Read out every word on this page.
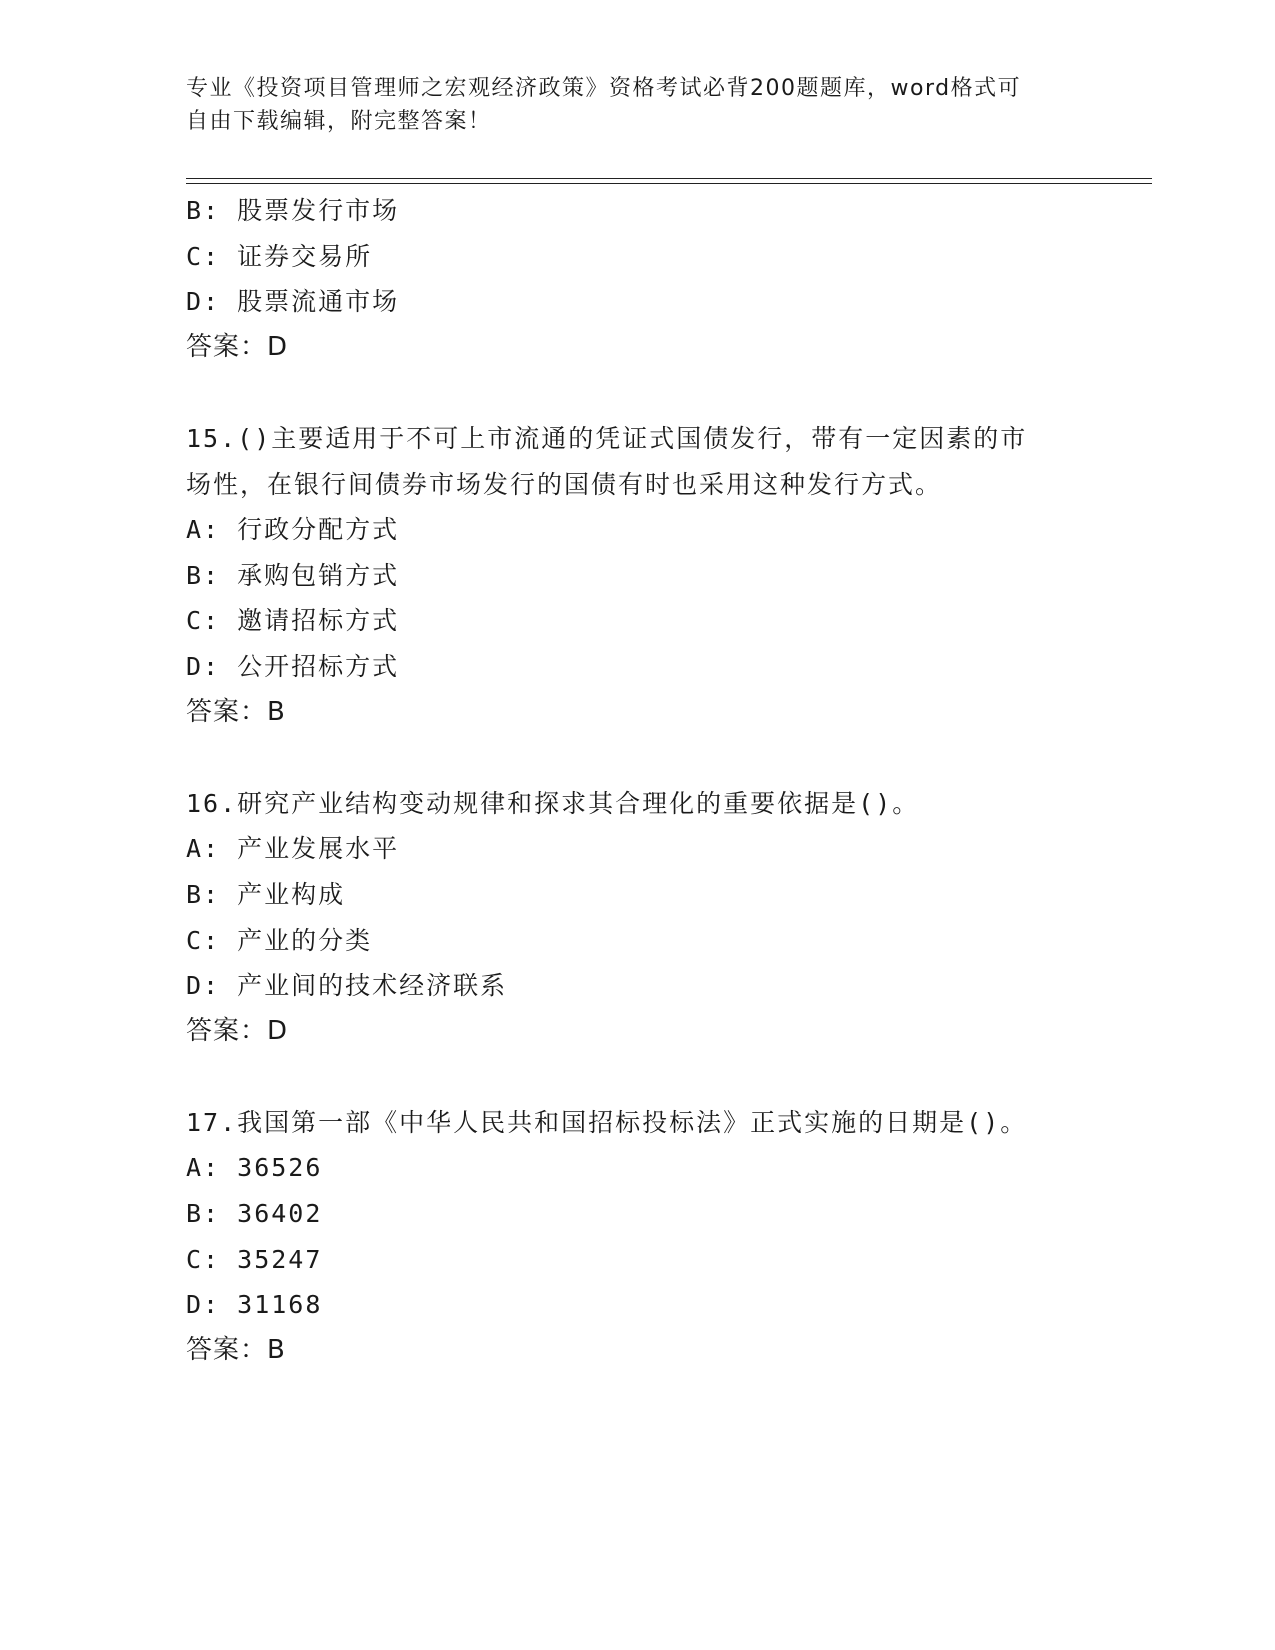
专业《投资项目管理师之宏观经济政策》资格考试必背200题题库，word格式可
自由下载编辑，附完整答案！
B: 股票发行市场
C: 证券交易所
D: 股票流通市场
答案：D
15.()主要适用于不可上市流通的凭证式国债发行，带有一定因素的市
场性，在银行间债券市场发行的国债有时也采用这种发行方式。
A: 行政分配方式
B: 承购包销方式
C: 邀请招标方式
D: 公开招标方式
答案：B
16.研究产业结构变动规律和探求其合理化的重要依据是()。
A: 产业发展水平
B: 产业构成
C: 产业的分类
D: 产业间的技术经济联系
答案：D
17.我国第一部《中华人民共和国招标投标法》正式实施的日期是()。
A: 36526
B: 36402
C: 35247
D: 31168
答案：B
